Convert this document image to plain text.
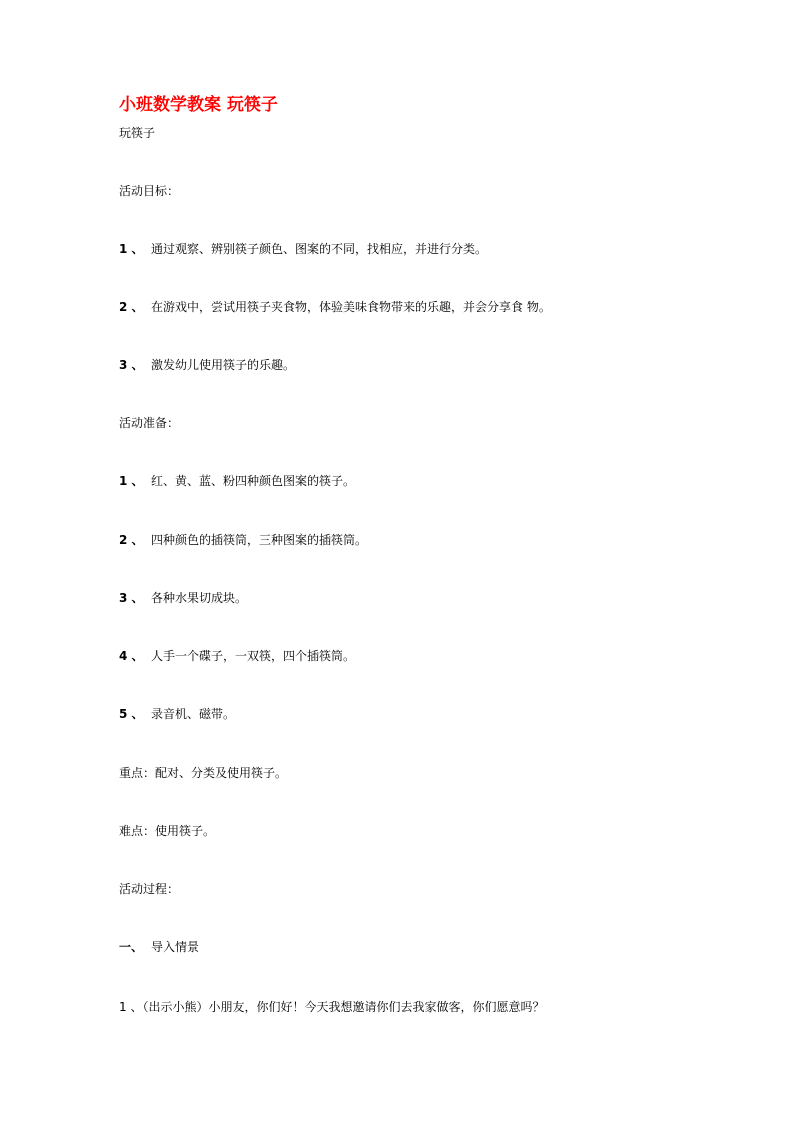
小班数学教案 玩筷子
玩筷子
活动目标：
1 、 通过观察、辨别筷子颜色、图案的不同，找相应，并进行分类。
2 、 在游戏中，尝试用筷子夹食物，体验美味食物带来的乐趣，并会分享食 物。
3 、 激发幼儿使用筷子的乐趣。
活动准备：
1 、 红、黄、蓝、粉四种颜色图案的筷子。
2 、 四种颜色的插筷筒，三种图案的插筷筒。
3 、 各种水果切成块。
4 、 人手一个碟子，一双筷，四个插筷筒。
5 、 录音机、磁带。
重点：配对、分类及使用筷子。
难点：使用筷子。
活动过程：
一、 导入情景
1 、（出示小熊）小朋友，你们好！今天我想邀请你们去我家做客，你们愿意吗？
